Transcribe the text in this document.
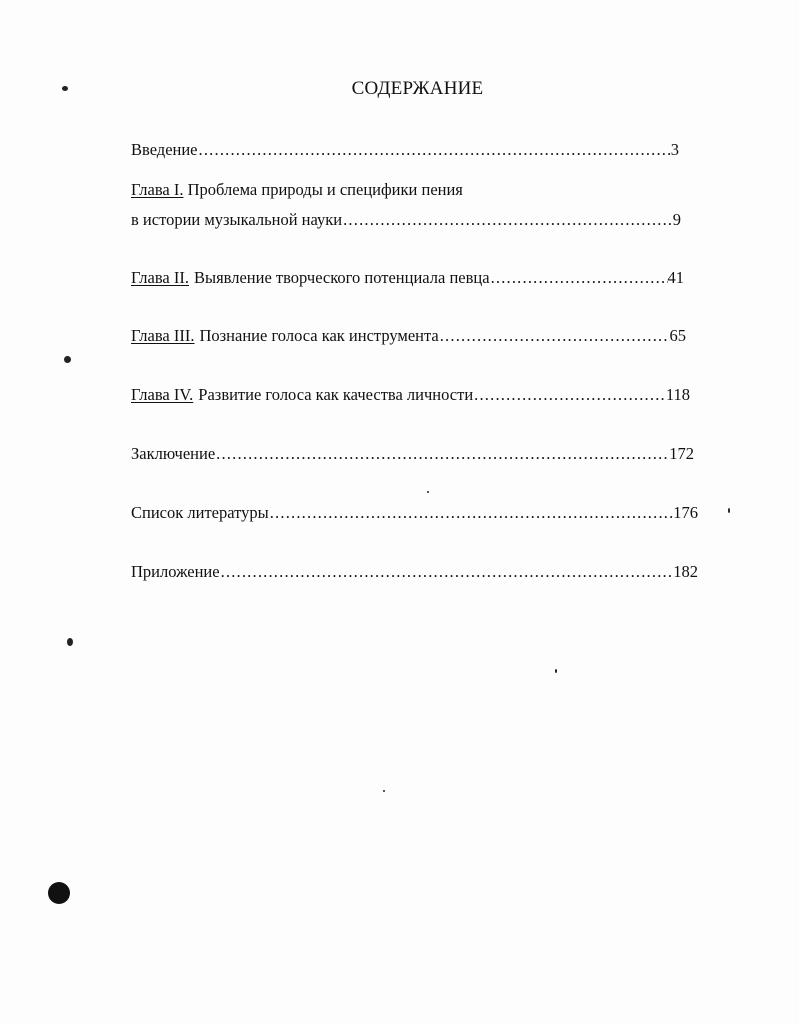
СОДЕРЖАНИЕ
Введение .....	3
Глава I. Проблема природы и специфики пения
в истории музыкальной науки .....	9
Глава II. Выявление творческого потенциала певца .....	41
Глава III. Познание голоса как инструмента .....	65
Глава IV. Развитие голоса как качества личности .....	118
Заключение .....	172
Список литературы .....	176
Приложение .....	182
